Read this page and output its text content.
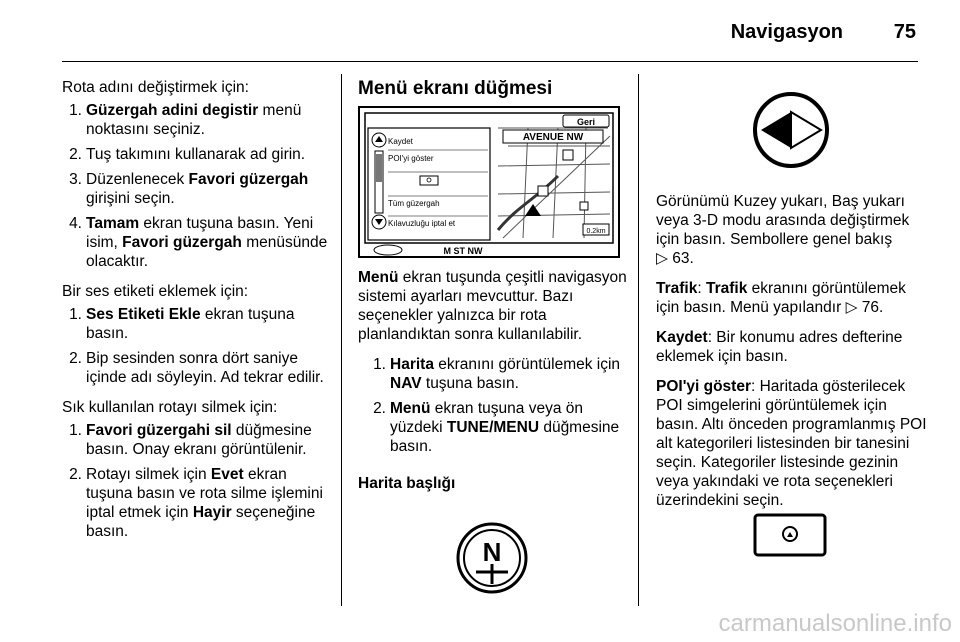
Navigasyon	75

Rota adını değiştirmek için:

1. Güzergah adini degistir menü noktasını seçiniz.
2. Tuş takımını kullanarak ad girin.
3. Düzenlenecek Favori güzergah girişini seçin.
4. Tamam ekran tuşuna basın. Yeni isim, Favori güzergah menüsünde olacaktır.

Bir ses etiketi eklemek için:

1. Ses Etiketi Ekle ekran tuşuna basın.
2. Bip sesinden sonra dört saniye içinde adı söyleyin. Ad tekrar edilir.

Sık kullanılan rotayı silmek için:

1. Favori güzergahi sil düğmesine basın. Onay ekranı görüntülenir.
2. Rotayı silmek için Evet ekran tuşuna basın ve rota silme işlemini iptal etmek için Hayir seçeneğine basın.
Menü ekranı düğmesi
AVENUE NW
Geri
Kaydet
POI'yi göster
Tüm güzergah
Kılavuzluğu iptal et
0.2km
M ST NW

Menü ekran tuşunda çeşitli navigasyon sistemi ayarları mevcuttur. Bazı seçenekler yalnızca bir rota planlandıktan sonra kullanılabilir.

1. Harita ekranını görüntülemek için NAV tuşuna basın.
2. Menü ekran tuşuna veya ön yüzdeki TUNE/MENU düğmesine basın.

Harita başlığı

N

Görünümü Kuzey yukarı, Baş yukarı veya 3-D modu arasında değiştirmek için basın. Sembollere genel bakış
▷ 63.

Trafik: Trafik ekranını görüntülemek için basın. Menü yapılandır ▷ 76.

Kaydet: Bir konumu adres defterine eklemek için basın.

POI'yi göster: Haritada gösterilecek POI simgelerini görüntülemek için basın. Altı önceden programlanmış POI alt kategorileri listesinden bir tanesini seçin. Kategoriler listesinde gezinin veya yakındaki ve rota seçenekleri üzerindekini seçin.

carmanualsonline.info
